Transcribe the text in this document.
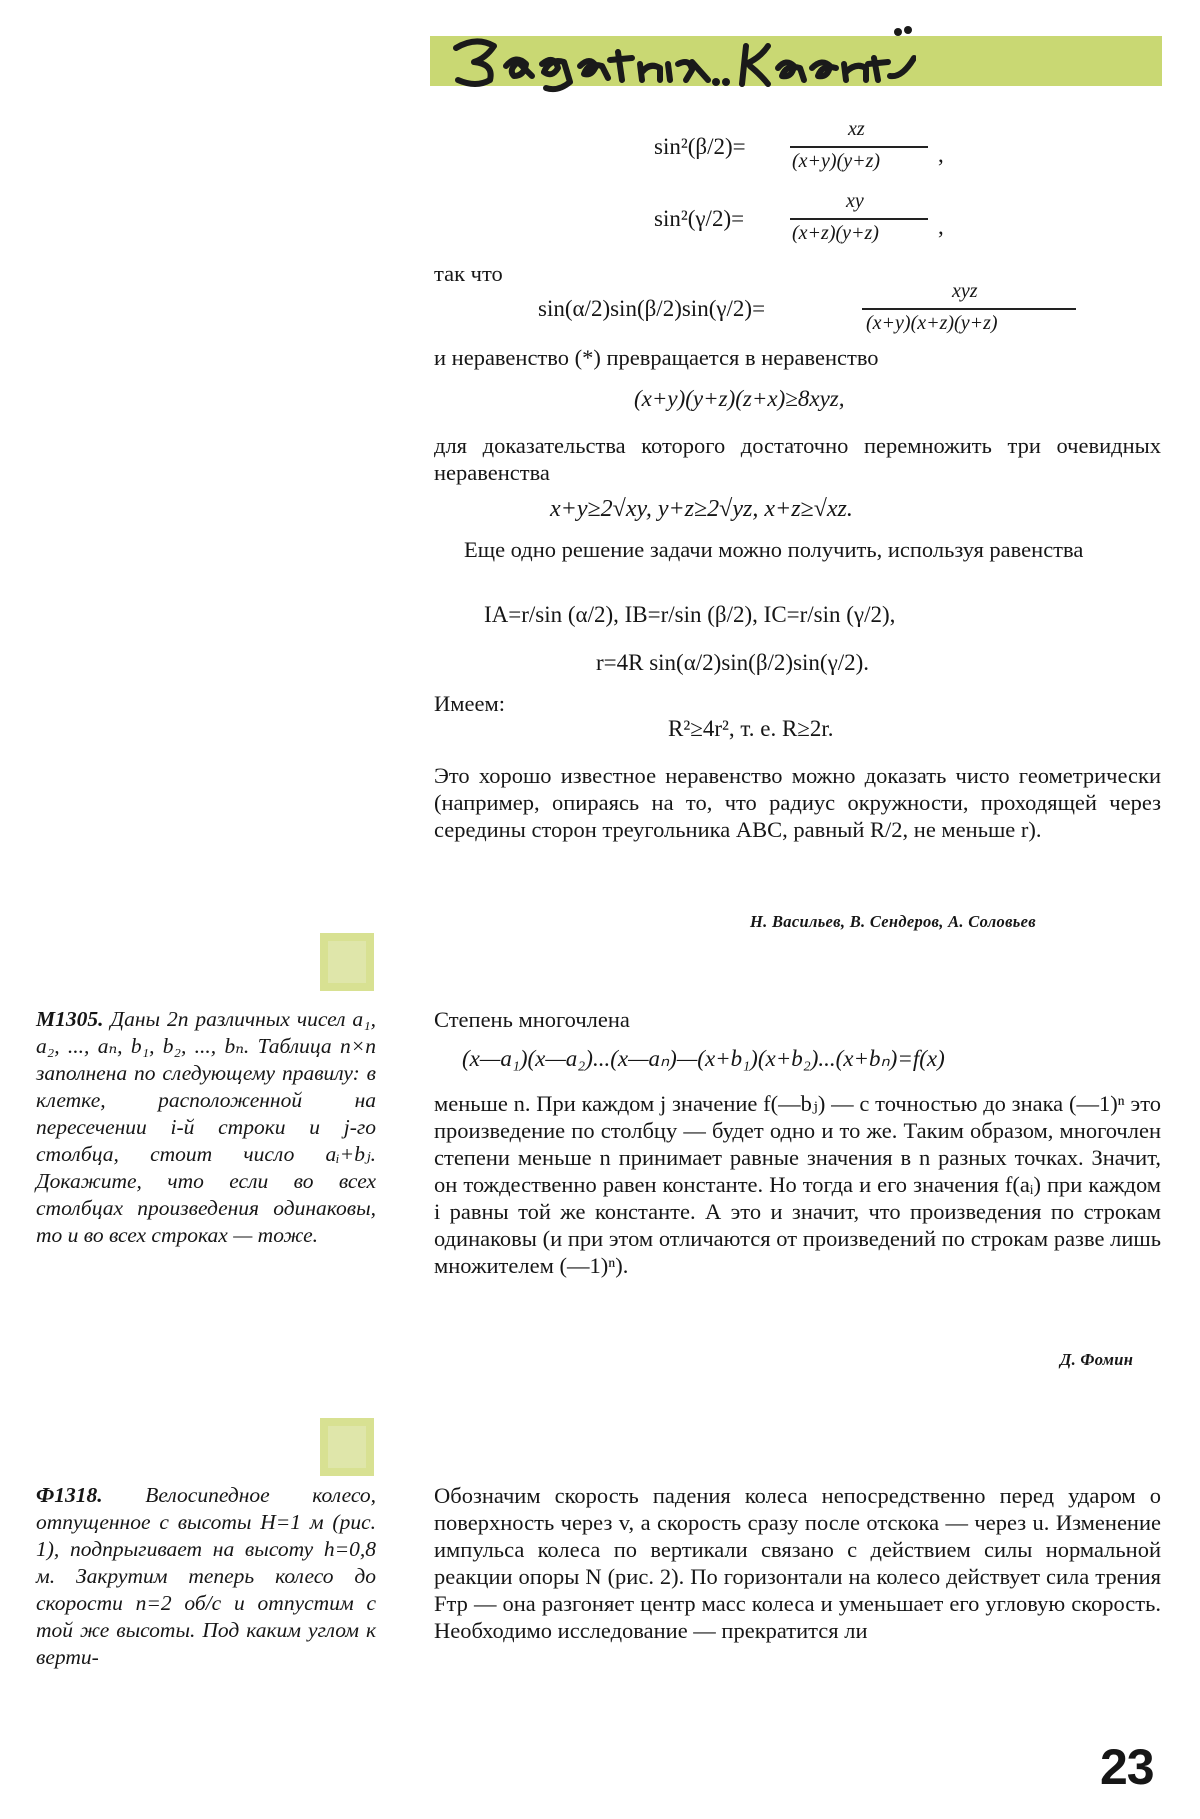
sin²(β/2)=
xz
(x+y)(y+z)	,
sin²(γ/2)=
xy
(x+z)(y+z)	,
так что
sin(α/2)sin(β/2)sin(γ/2)=
xyz
(x+y)(x+z)(y+z)
и неравенство (*) превращается в неравенство
(x+y)(y+z)(z+x)≥8xyz,
для доказательства которого достаточно перемножить три очевидных неравенства
x+y≥2√xy, y+z≥2√yz, x+z≥√xz.
Еще одно решение задачи можно получить, используя равенства
IA=r/sin (α/2), IB=r/sin (β/2), IC=r/sin (γ/2),
r=4R sin(α/2)sin(β/2)sin(γ/2).
Имеем:
R²≥4r², т. е. R≥2r.
Это хорошо известное неравенство можно доказать чисто геометрически (например, опираясь на то, что радиус окружности, проходящей через середины сторон треугольника ABC, равный R/2, не меньше r).
Н. Васильев, В. Сендеров, А. Соловьев
М1305. Даны 2n различных чисел a₁, a₂, ..., aₙ, b₁, b₂, ..., bₙ. Таблица n×n заполнена по следующему правилу: в клетке, расположенной на пересечении i-й строки и j-го столбца, стоит число aᵢ+bⱼ. Докажите, что если во всех столбцах произведения одинаковы, то и во всех строках — тоже.
Степень многочлена
(x—a₁)(x—a₂)...(x—aₙ)—(x+b₁)(x+b₂)...(x+bₙ)=f(x)
меньше n. При каждом j значение f(—bⱼ) — с точностью до знака (—1)ⁿ это произведение по столбцу — будет одно и то же. Таким образом, многочлен степени меньше n принимает равные значения в n разных точках. Значит, он тождественно равен константе. Но тогда и его значения f(aᵢ) при каждом i равны той же константе. А это и значит, что произведения по строкам одинаковы (и при этом отличаются от произведений по строкам разве лишь множителем (—1)ⁿ).
Д. Фомин
Ф1318. Велосипедное колесо, отпущенное с высоты H=1 м (рис. 1), подпрыгивает на высоту h=0,8 м. Закрутим теперь колесо до скорости n=2 об/с и отпустим с той же высоты. Под каким углом к верти-
Обозначим скорость падения колеса непосредственно перед ударом о поверхность через v, а скорость сразу после отскока — через u. Изменение импульса колеса по вертикали связано с действием силы нормальной реакции опоры N (рис. 2). По горизонтали на колесо действует сила трения Fтр — она разгоняет центр масс колеса и уменьшает его угловую скорость. Необходимо исследование — прекратится ли
23
